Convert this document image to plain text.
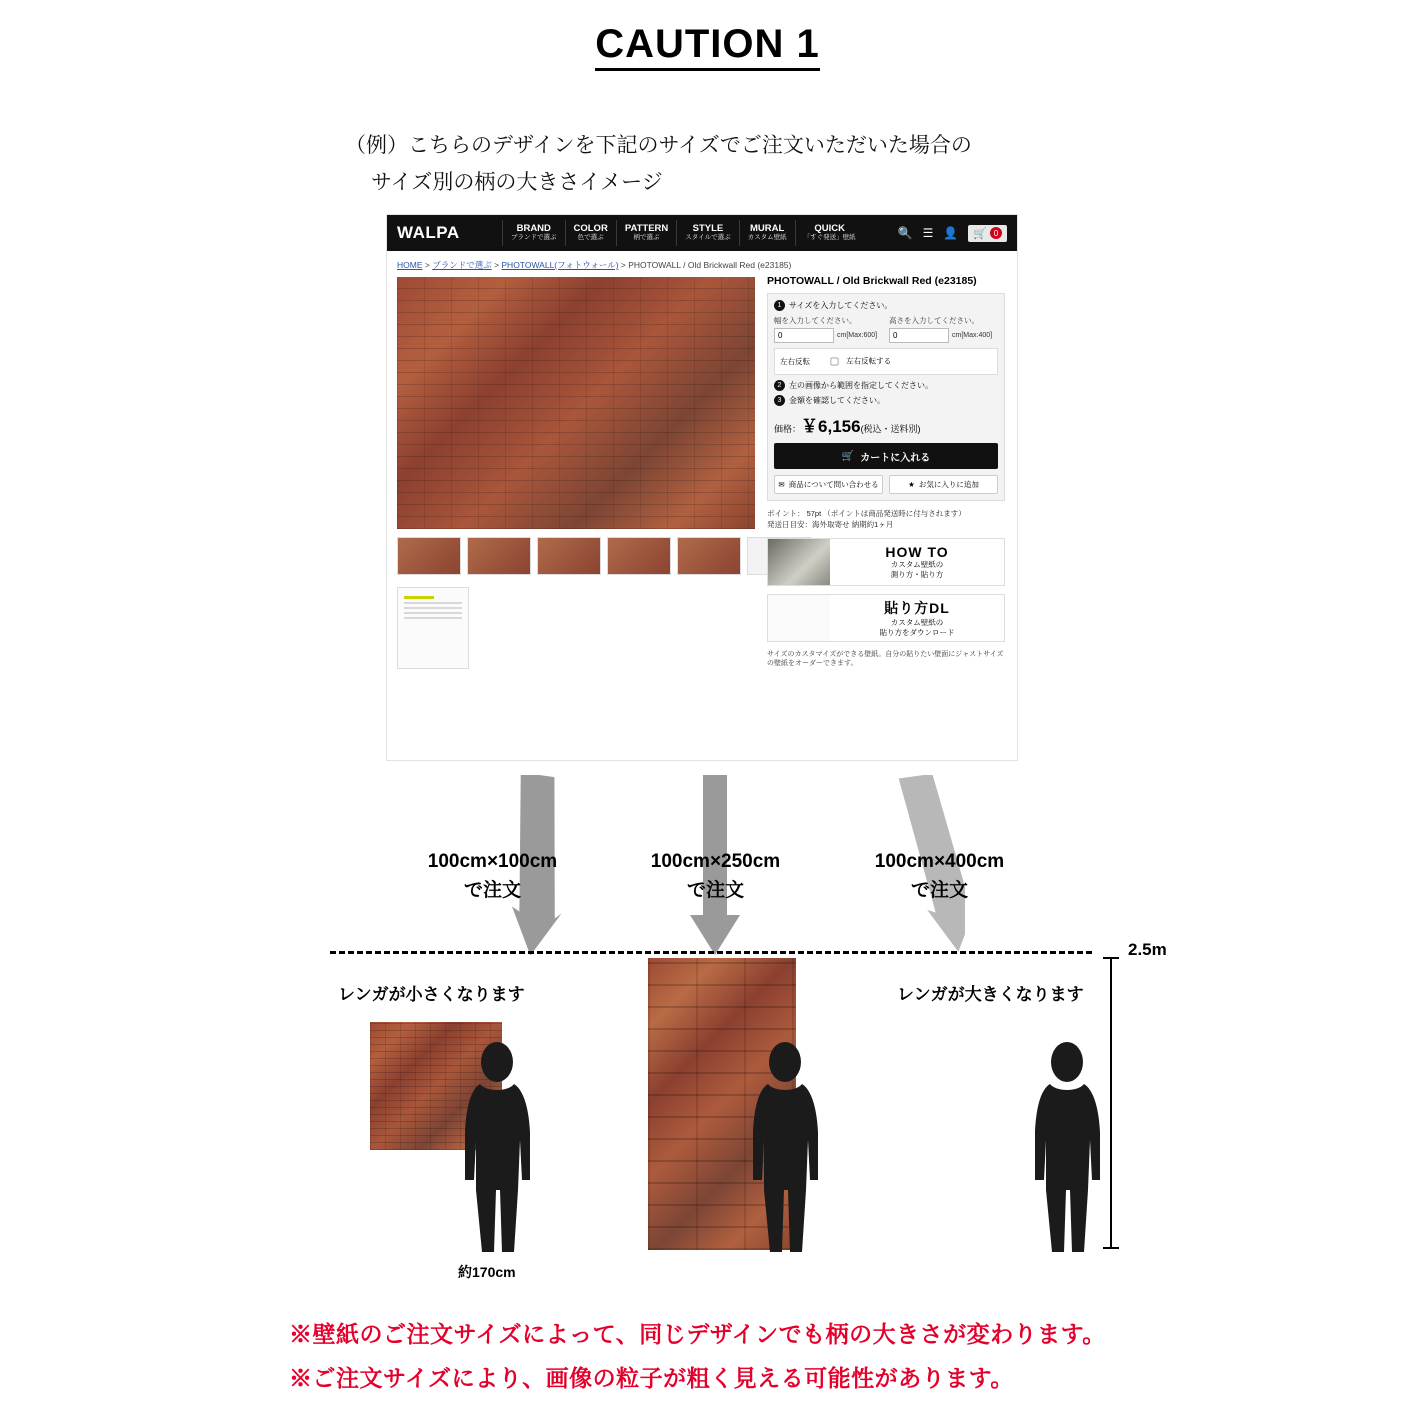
CAUTION 1
（例）こちらのデザインを下記のサイズでご注文いただいた場合の
サイズ別の柄の大きさイメージ
WALPA	BRAND
ブランドで選ぶ
COLOR
色で選ぶ
PATTERN
柄で選ぶ
STYLE
スタイルで選ぶ
MURAL
カスタム壁紙
QUICK
「すぐ発送」壁紙	🔍 ☰ 👤 🛒 0
HOME > ブランドで選ぶ > PHOTOWALL(フォトウォール) > PHOTOWALL / Old Brickwall Red (e23185)
PHOTOWALL / Old Brickwall Red (e23185)
1 サイズを入力してください。
幅を入力してください。
0
cm[Max:600]
高さを入力してください。
0
cm[Max:400]
左右反転	左右反転する
2 左の画像から範囲を指定してください。
3 金額を確認してください。
価格：￥6,156(税込・送料別)
🛒 カートに入れる
✉ 商品について問い合わせる	★ お気に入りに追加
ポイント： 57pt （ポイントは商品発送時に付与されます）
発送日目安：海外取寄せ 納期約1ヶ月
HOW TO
カスタム壁紙の
測り方・貼り方
貼り方DL
カスタム壁紙の
貼り方をダウンロード
サイズのカスタマイズができる壁紙。自分の貼りたい壁面にジャストサイズの壁紙をオーダーできます。
100cm×100cm
で注文
100cm×250cm
で注文
100cm×400cm
で注文
2.5m
レンガが小さくなります	レンガが大きくなります
約170cm
※壁紙のご注文サイズによって、同じデザインでも柄の大きさが変わります。
※ご注文サイズにより、画像の粒子が粗く見える可能性があります。
